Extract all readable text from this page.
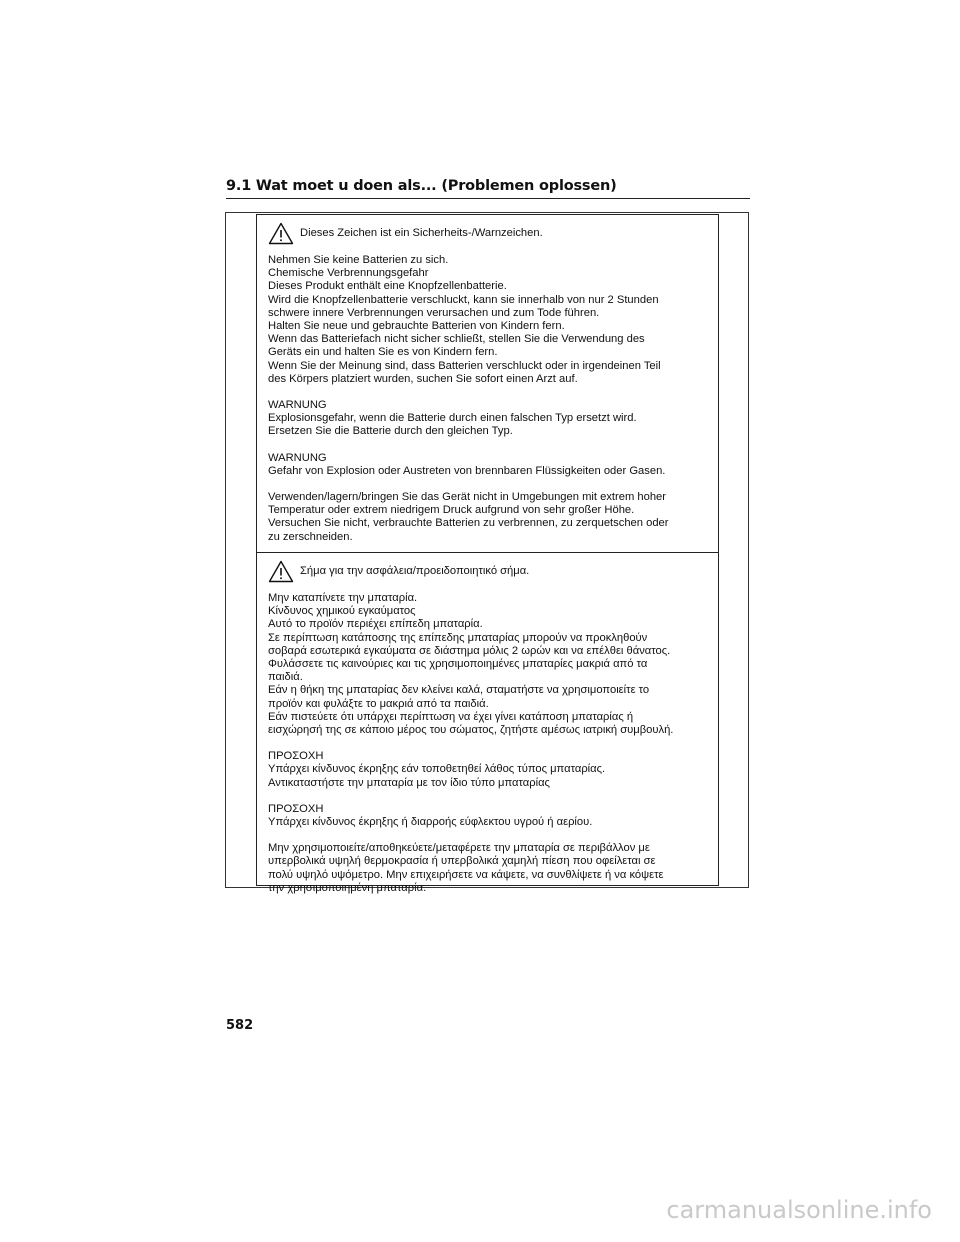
9.1 Wat moet u doen als... (Problemen oplossen)
Dieses Zeichen ist ein Sicherheits-/Warnzeichen.
Nehmen Sie keine Batterien zu sich.
Chemische Verbrennungsgefahr
Dieses Produkt enthält eine Knopfzellenbatterie.
Wird die Knopfzellenbatterie verschluckt, kann sie innerhalb von nur 2 Stunden
schwere innere Verbrennungen verursachen und zum Tode führen.
Halten Sie neue und gebrauchte Batterien von Kindern fern.
Wenn das Batteriefach nicht sicher schließt, stellen Sie die Verwendung des
Geräts ein und halten Sie es von Kindern fern.
Wenn Sie der Meinung sind, dass Batterien verschluckt oder in irgendeinen Teil
des Körpers platziert wurden, suchen Sie sofort einen Arzt auf.
WARNUNG
Explosionsgefahr, wenn die Batterie durch einen falschen Typ ersetzt wird.
Ersetzen Sie die Batterie durch den gleichen Typ.
WARNUNG
Gefahr von Explosion oder Austreten von brennbaren Flüssigkeiten oder Gasen.
Verwenden/lagern/bringen Sie das Gerät nicht in Umgebungen mit extrem hoher
Temperatur oder extrem niedrigem Druck aufgrund von sehr großer Höhe.
Versuchen Sie nicht, verbrauchte Batterien zu verbrennen, zu zerquetschen oder
zu zerschneiden.
Σήμα για την ασφάλεια/προειδοποιητικό σήμα.
Μην καταπίνετε την μπαταρία.
Κίνδυνος χημικού εγκαύματος
Αυτό το προϊόν περιέχει επίπεδη μπαταρία.
Σε περίπτωση κατάποσης της επίπεδης μπαταρίας μπορούν να προκληθούν
σοβαρά εσωτερικά εγκαύματα σε διάστημα μόλις 2 ωρών και να επέλθει θάνατος.
Φυλάσσετε τις καινούριες και τις χρησιμοποιημένες μπαταρίες μακριά από τα
παιδιά.
Εάν η θήκη της μπαταρίας δεν κλείνει καλά, σταματήστε να χρησιμοποιείτε το
προϊόν και φυλάξτε το μακριά από τα παιδιά.
Εάν πιστεύετε ότι υπάρχει περίπτωση να έχει γίνει κατάποση μπαταρίας ή
εισχώρησή της σε κάποιο μέρος του σώματος, ζητήστε αμέσως ιατρική συμβουλή.
ΠΡΟΣΟΧΗ
Υπάρχει κίνδυνος έκρηξης εάν τοποθετηθεί λάθος τύπος μπαταρίας.
Αντικαταστήστε την μπαταρία με τον ίδιο τύπο μπαταρίας
ΠΡΟΣΟΧΗ
Υπάρχει κίνδυνος έκρηξης ή διαρροής εύφλεκτου υγρού ή αερίου.
Μην χρησιμοποιείτε/αποθηκεύετε/μεταφέρετε την μπαταρία σε περιβάλλον με
υπερβολικά υψηλή θερμοκρασία ή υπερβολικά χαμηλή πίεση που οφείλεται σε
πολύ υψηλό υψόμετρο. Μην επιχειρήσετε να κάψετε, να συνθλίψετε ή να κόψετε
την χρησιμοποιημένη μπαταρία.
582
carmanualsonline.info
